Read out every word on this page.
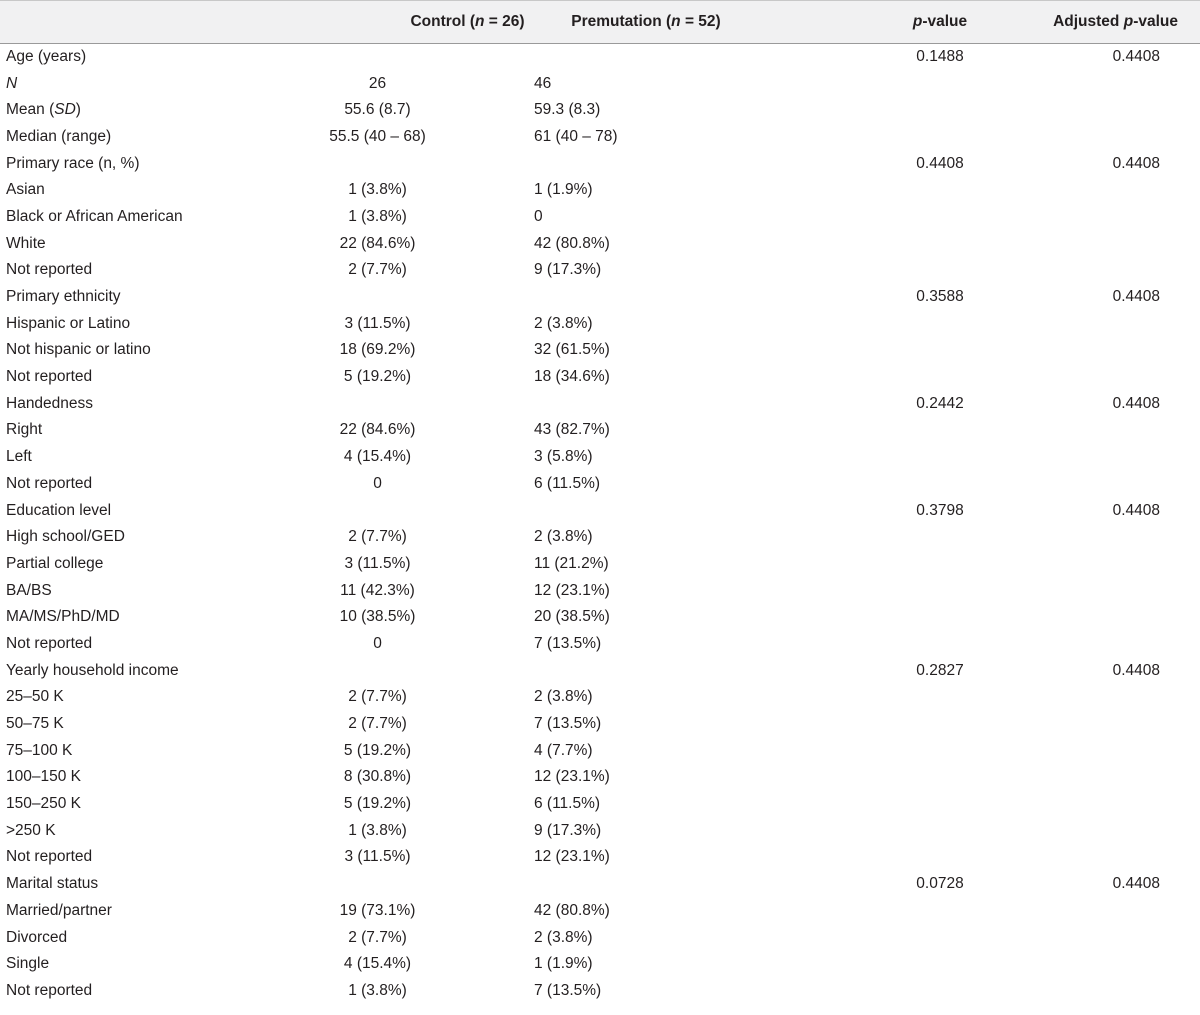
	Control (n = 26)	Premutation (n = 52)	p-value	Adjusted p-value
Age (years)			0.1488	0.4408
N	26	46		
Mean (SD)	55.6 (8.7)	59.3 (8.3)		
Median (range)	55.5 (40 – 68)	61 (40 – 78)		
Primary race (n, %)			0.4408	0.4408
Asian	1 (3.8%)	1 (1.9%)		
Black or African American	1 (3.8%)	0		
White	22 (84.6%)	42 (80.8%)		
Not reported	2 (7.7%)	9 (17.3%)		
Primary ethnicity			0.3588	0.4408
Hispanic or Latino	3 (11.5%)	2 (3.8%)		
Not hispanic or latino	18 (69.2%)	32 (61.5%)		
Not reported	5 (19.2%)	18 (34.6%)		
Handedness			0.2442	0.4408
Right	22 (84.6%)	43 (82.7%)		
Left	4 (15.4%)	3 (5.8%)		
Not reported	0	6 (11.5%)		
Education level			0.3798	0.4408
High school/GED	2 (7.7%)	2 (3.8%)		
Partial college	3 (11.5%)	11 (21.2%)		
BA/BS	11 (42.3%)	12 (23.1%)		
MA/MS/PhD/MD	10 (38.5%)	20 (38.5%)		
Not reported	0	7 (13.5%)		
Yearly household income			0.2827	0.4408
25–50 K	2 (7.7%)	2 (3.8%)		
50–75 K	2 (7.7%)	7 (13.5%)		
75–100 K	5 (19.2%)	4 (7.7%)		
100–150 K	8 (30.8%)	12 (23.1%)		
150–250 K	5 (19.2%)	6 (11.5%)		
>250 K	1 (3.8%)	9 (17.3%)		
Not reported	3 (11.5%)	12 (23.1%)		
Marital status			0.0728	0.4408
Married/partner	19 (73.1%)	42 (80.8%)		
Divorced	2 (7.7%)	2 (3.8%)		
Single	4 (15.4%)	1 (1.9%)		
Not reported	1 (3.8%)	7 (13.5%)		
